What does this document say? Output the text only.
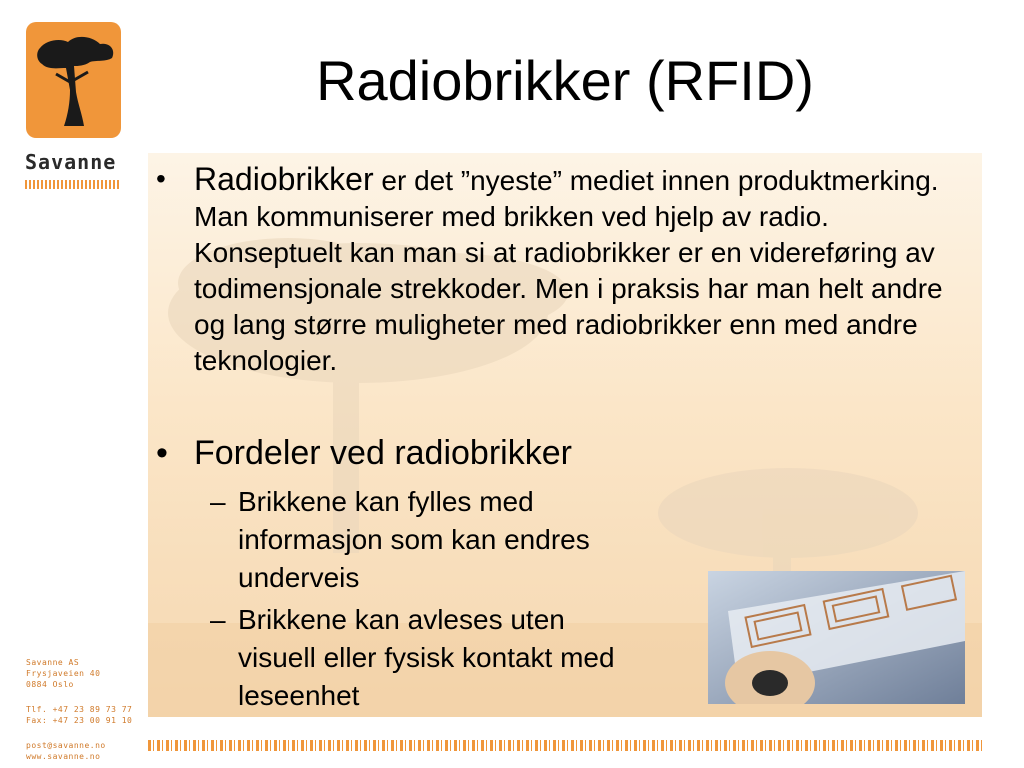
Savanne
Radiobrikker (RFID)
• Radiobrikker er det ”nyeste” mediet innen produktmerking. Man kommuniserer med brikken ved hjelp av radio. Konseptuelt kan man si at radiobrikker er en videreføring av todimensjonale strekkoder. Men i praksis har man helt andre og lang større muligheter med radiobrikker enn med andre teknologier.
• Fordeler ved radiobrikker
– Brikkene kan fylles med informasjon som kan endres underveis
– Brikkene kan avleses uten visuell eller fysisk kontakt med leseenhet
Savanne AS
Frysjaveien 40
0884 Oslo
Tlf. +47 23 89 73 77
Fax: +47 23 00 91 10
post@savanne.no
www.savanne.no
